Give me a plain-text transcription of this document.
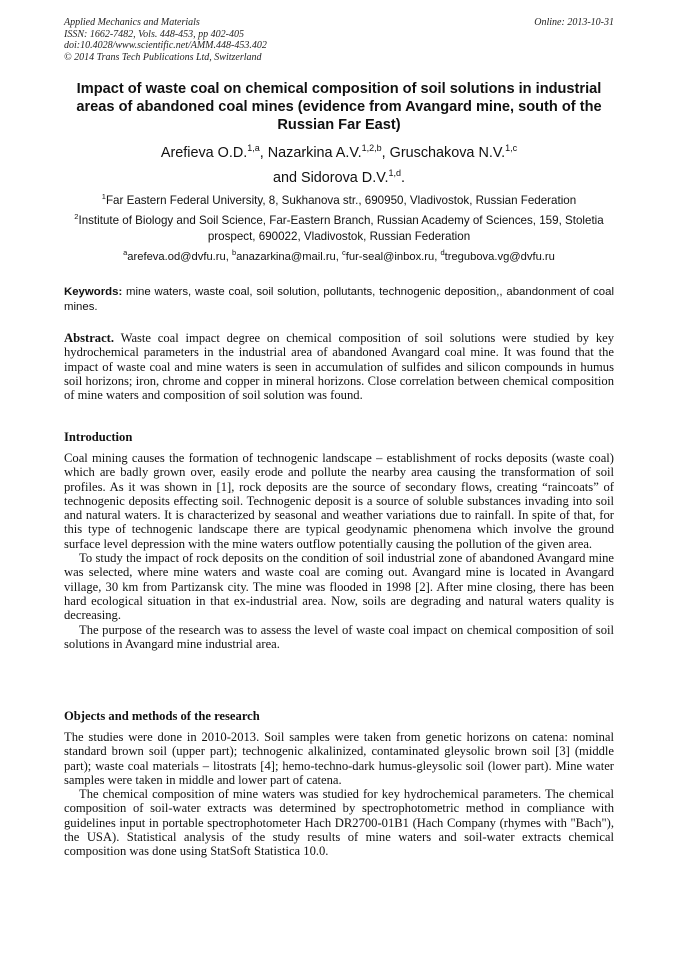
Applied Mechanics and Materials
ISSN: 1662-7482, Vols. 448-453, pp 402-405
doi:10.4028/www.scientific.net/AMM.448-453.402
© 2014 Trans Tech Publications Ltd, Switzerland
Online: 2013-10-31
Impact of waste coal on chemical composition of soil solutions in industrial areas of abandoned coal mines (evidence from Avangard mine, south of the Russian Far East)
Arefieva O.D.$^{1,a}$, Nazarkina A.V.$^{1,2,b}$, Gruschakova N.V.$^{1,c}$
and Sidorova D.V.$^{1,d}$.
$^1$Far Eastern Federal University, 8, Sukhanova str., 690950, Vladivostok, Russian Federation
$^2$Institute of Biology and Soil Science, Far-Eastern Branch, Russian Academy of Sciences, 159, Stoletia prospect, 690022, Vladivostok, Russian Federation
$^a$arefeva.od@dvfu.ru, $^b$anazarkina@mail.ru, $^c$fur-seal@inbox.ru, $^d$tregubova.vg@dvfu.ru
Keywords: mine waters, waste coal, soil solution, pollutants, technogenic deposition,, abandonment of coal mines.
Abstract. Waste coal impact degree on chemical composition of soil solutions were studied by key hydrochemical parameters in the industrial area of abandoned Avangard coal mine. It was found that the impact of waste coal and mine waters is seen in accumulation of sulfides and silicon compounds in humus soil horizons; iron, chrome and copper in mineral horizons. Close correlation between chemical composition of mine waters and composition of soil solution was found.
Introduction

Coal mining causes the formation of technogenic landscape – establishment of rocks deposits (waste coal) which are badly grown over, easily erode and pollute the nearby area causing the transformation of soil profiles. As it was shown in [1], rock deposits are the source of secondary flows, creating “raincoats” of technogenic deposits effecting soil. Technogenic deposit is a source of soluble substances invading into soil and natural waters. It is characterized by seasonal and weather variations due to rainfall. In spite of that, for this type of technogenic landscape there are typical geodynamic phenomena which involve the ground surface level depression with the mine waters outflow potentially causing the pollution of the given area.

To study the impact of rock deposits on the condition of soil industrial zone of abandoned Avangard mine was selected, where mine waters and waste coal are coming out. Avangard mine is located in Avangard village, 30 km from Partizansk city. The mine was flooded in 1998 [2]. After mine closing, there has been hard ecological situation in that ex-industrial area. Now, soils are degrading and natural waters quality is decreasing.

The purpose of the research was to assess the level of waste coal impact on chemical composition of soil solutions in Avangard mine industrial area.

Objects and methods of the research

The studies were done in 2010-2013. Soil samples were taken from genetic horizons on catena: nominal standard brown soil (upper part); technogenic alkalinized, contaminated gleysolic brown soil [3] (middle part); waste coal materials – litostrats [4]; hemo-techno-dark humus-gleysolic soil (lower part). Mine water samples were taken in middle and lower part of catena.

The chemical composition of mine waters was studied for key hydrochemical parameters. The chemical composition of soil-water extracts was determined by spectrophotometric method in compliance with guidelines input in portable spectrophotometer Hach DR2700-01B1 (Hach Company (rhymes with "Bach"), the USA). Statistical analysis of the study results of mine waters and soil-water extracts chemical composition was done using StatSoft Statistica 10.0.
